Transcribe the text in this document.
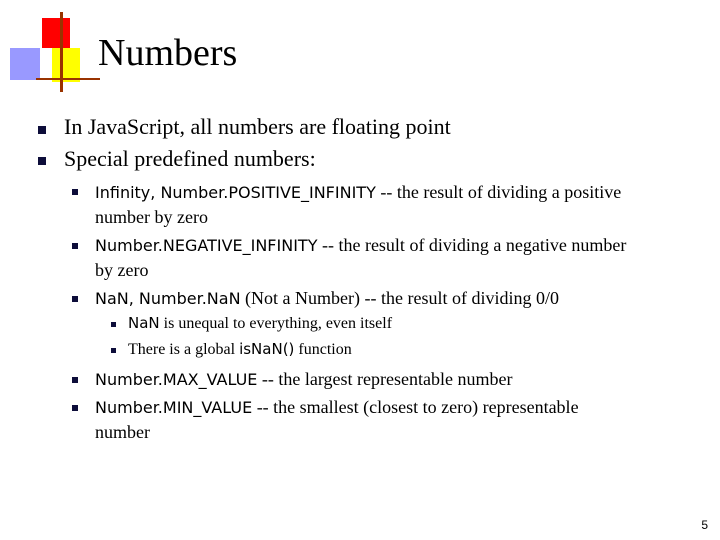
Numbers
In JavaScript, all numbers are floating point
Special predefined numbers:
Infinity, Number.POSITIVE_INFINITY -- the result of dividing a positive
number by zero
Number.NEGATIVE_INFINITY -- the result of dividing a negative number
by zero
NaN, Number.NaN (Not a Number) -- the result of dividing 0/0
NaN is unequal to everything, even itself
There is a global isNaN() function
Number.MAX_VALUE -- the largest representable number
Number.MIN_VALUE -- the smallest (closest to zero) representable
number
5
